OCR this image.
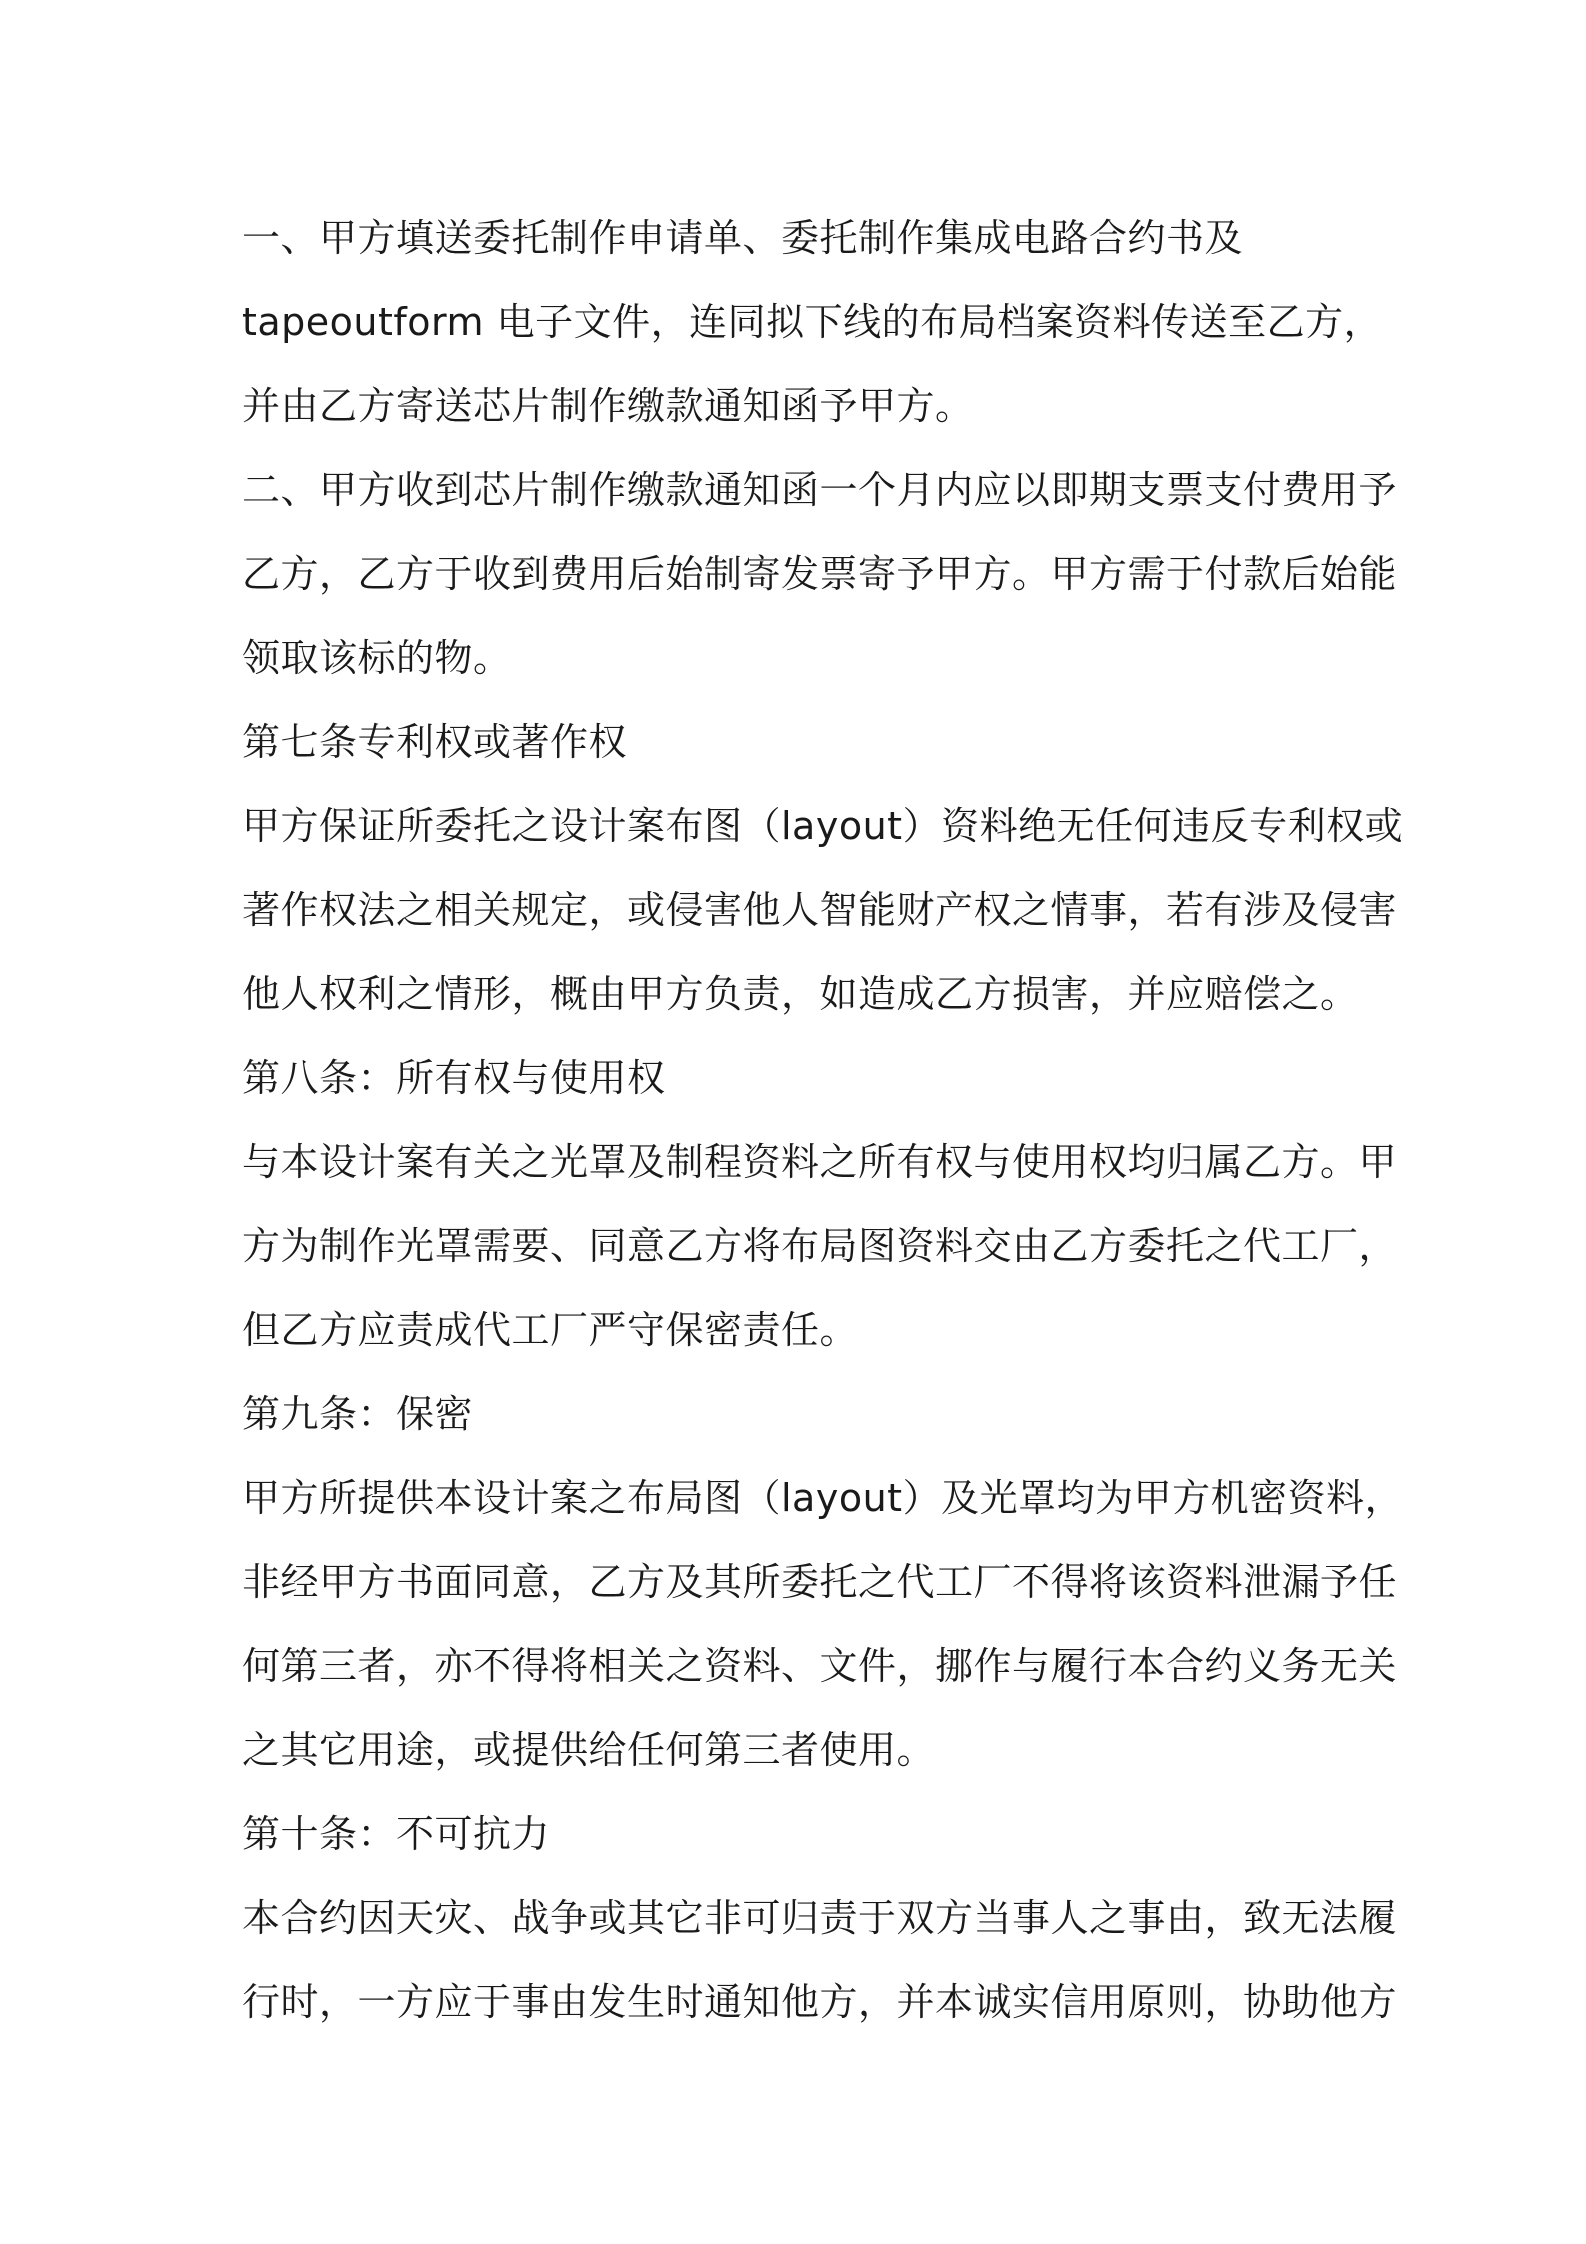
一、甲方填送委托制作申请单、委托制作集成电路合约书及
tapeoutform 电子文件，连同拟下线的布局档案资料传送至乙方，
并由乙方寄送芯片制作缴款通知函予甲方。
二、甲方收到芯片制作缴款通知函一个月内应以即期支票支付费用予
乙方，乙方于收到费用后始制寄发票寄予甲方。甲方需于付款后始能
领取该标的物。
第七条专利权或著作权
甲方保证所委托之设计案布图（layout）资料绝无任何违反专利权或
著作权法之相关规定，或侵害他人智能财产权之情事，若有涉及侵害
他人权利之情形，概由甲方负责，如造成乙方损害，并应赔偿之。
第八条：所有权与使用权
与本设计案有关之光罩及制程资料之所有权与使用权均归属乙方。甲
方为制作光罩需要、同意乙方将布局图资料交由乙方委托之代工厂，
但乙方应责成代工厂严守保密责任。
第九条：保密
甲方所提供本设计案之布局图（layout）及光罩均为甲方机密资料，
非经甲方书面同意，乙方及其所委托之代工厂不得将该资料泄漏予任
何第三者，亦不得将相关之资料、文件，挪作与履行本合约义务无关
之其它用途，或提供给任何第三者使用。
第十条：不可抗力
本合约因天灾、战争或其它非可归责于双方当事人之事由，致无法履
行时，一方应于事由发生时通知他方，并本诚实信用原则，协助他方
